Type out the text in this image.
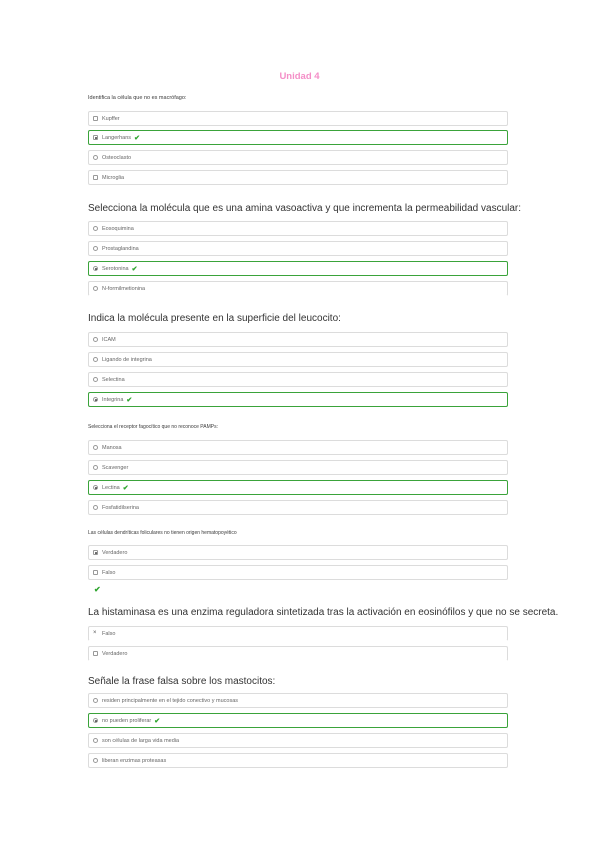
Unidad 4
Identifica la célula que no es macrófago:
Kupffer
Langerhans ✔
Osteoclasto
Microglia
Selecciona la molécula que es una amina vasoactiva y que incrementa la permeabilidad vascular:
Eosoquimina
Prostaglandina
Serotonina ✔
N-formilmetionina
Indica la molécula presente en la superficie del leucocito:
ICAM
Ligando de integrina
Selectina
Integrina ✔
Selecciona el receptor fagocítico que no reconoce PAMPs:
Manosa
Scavenger
Lectina ✔
Fosfatidilserina
Las células dendríticas foliculares no tienen origen hematopoyético
Verdadero
Falso
✔
La histaminasa es una enzima reguladora sintetizada tras la activación en eosinófilos y que no se secreta.
×
Falso
Verdadero
Señale la frase falsa sobre los mastocitos:
residen principalmente en el tejido conectivo y mucosas
no pueden proliferar ✔
son células de larga vida media
liberan enzimas proteasas
